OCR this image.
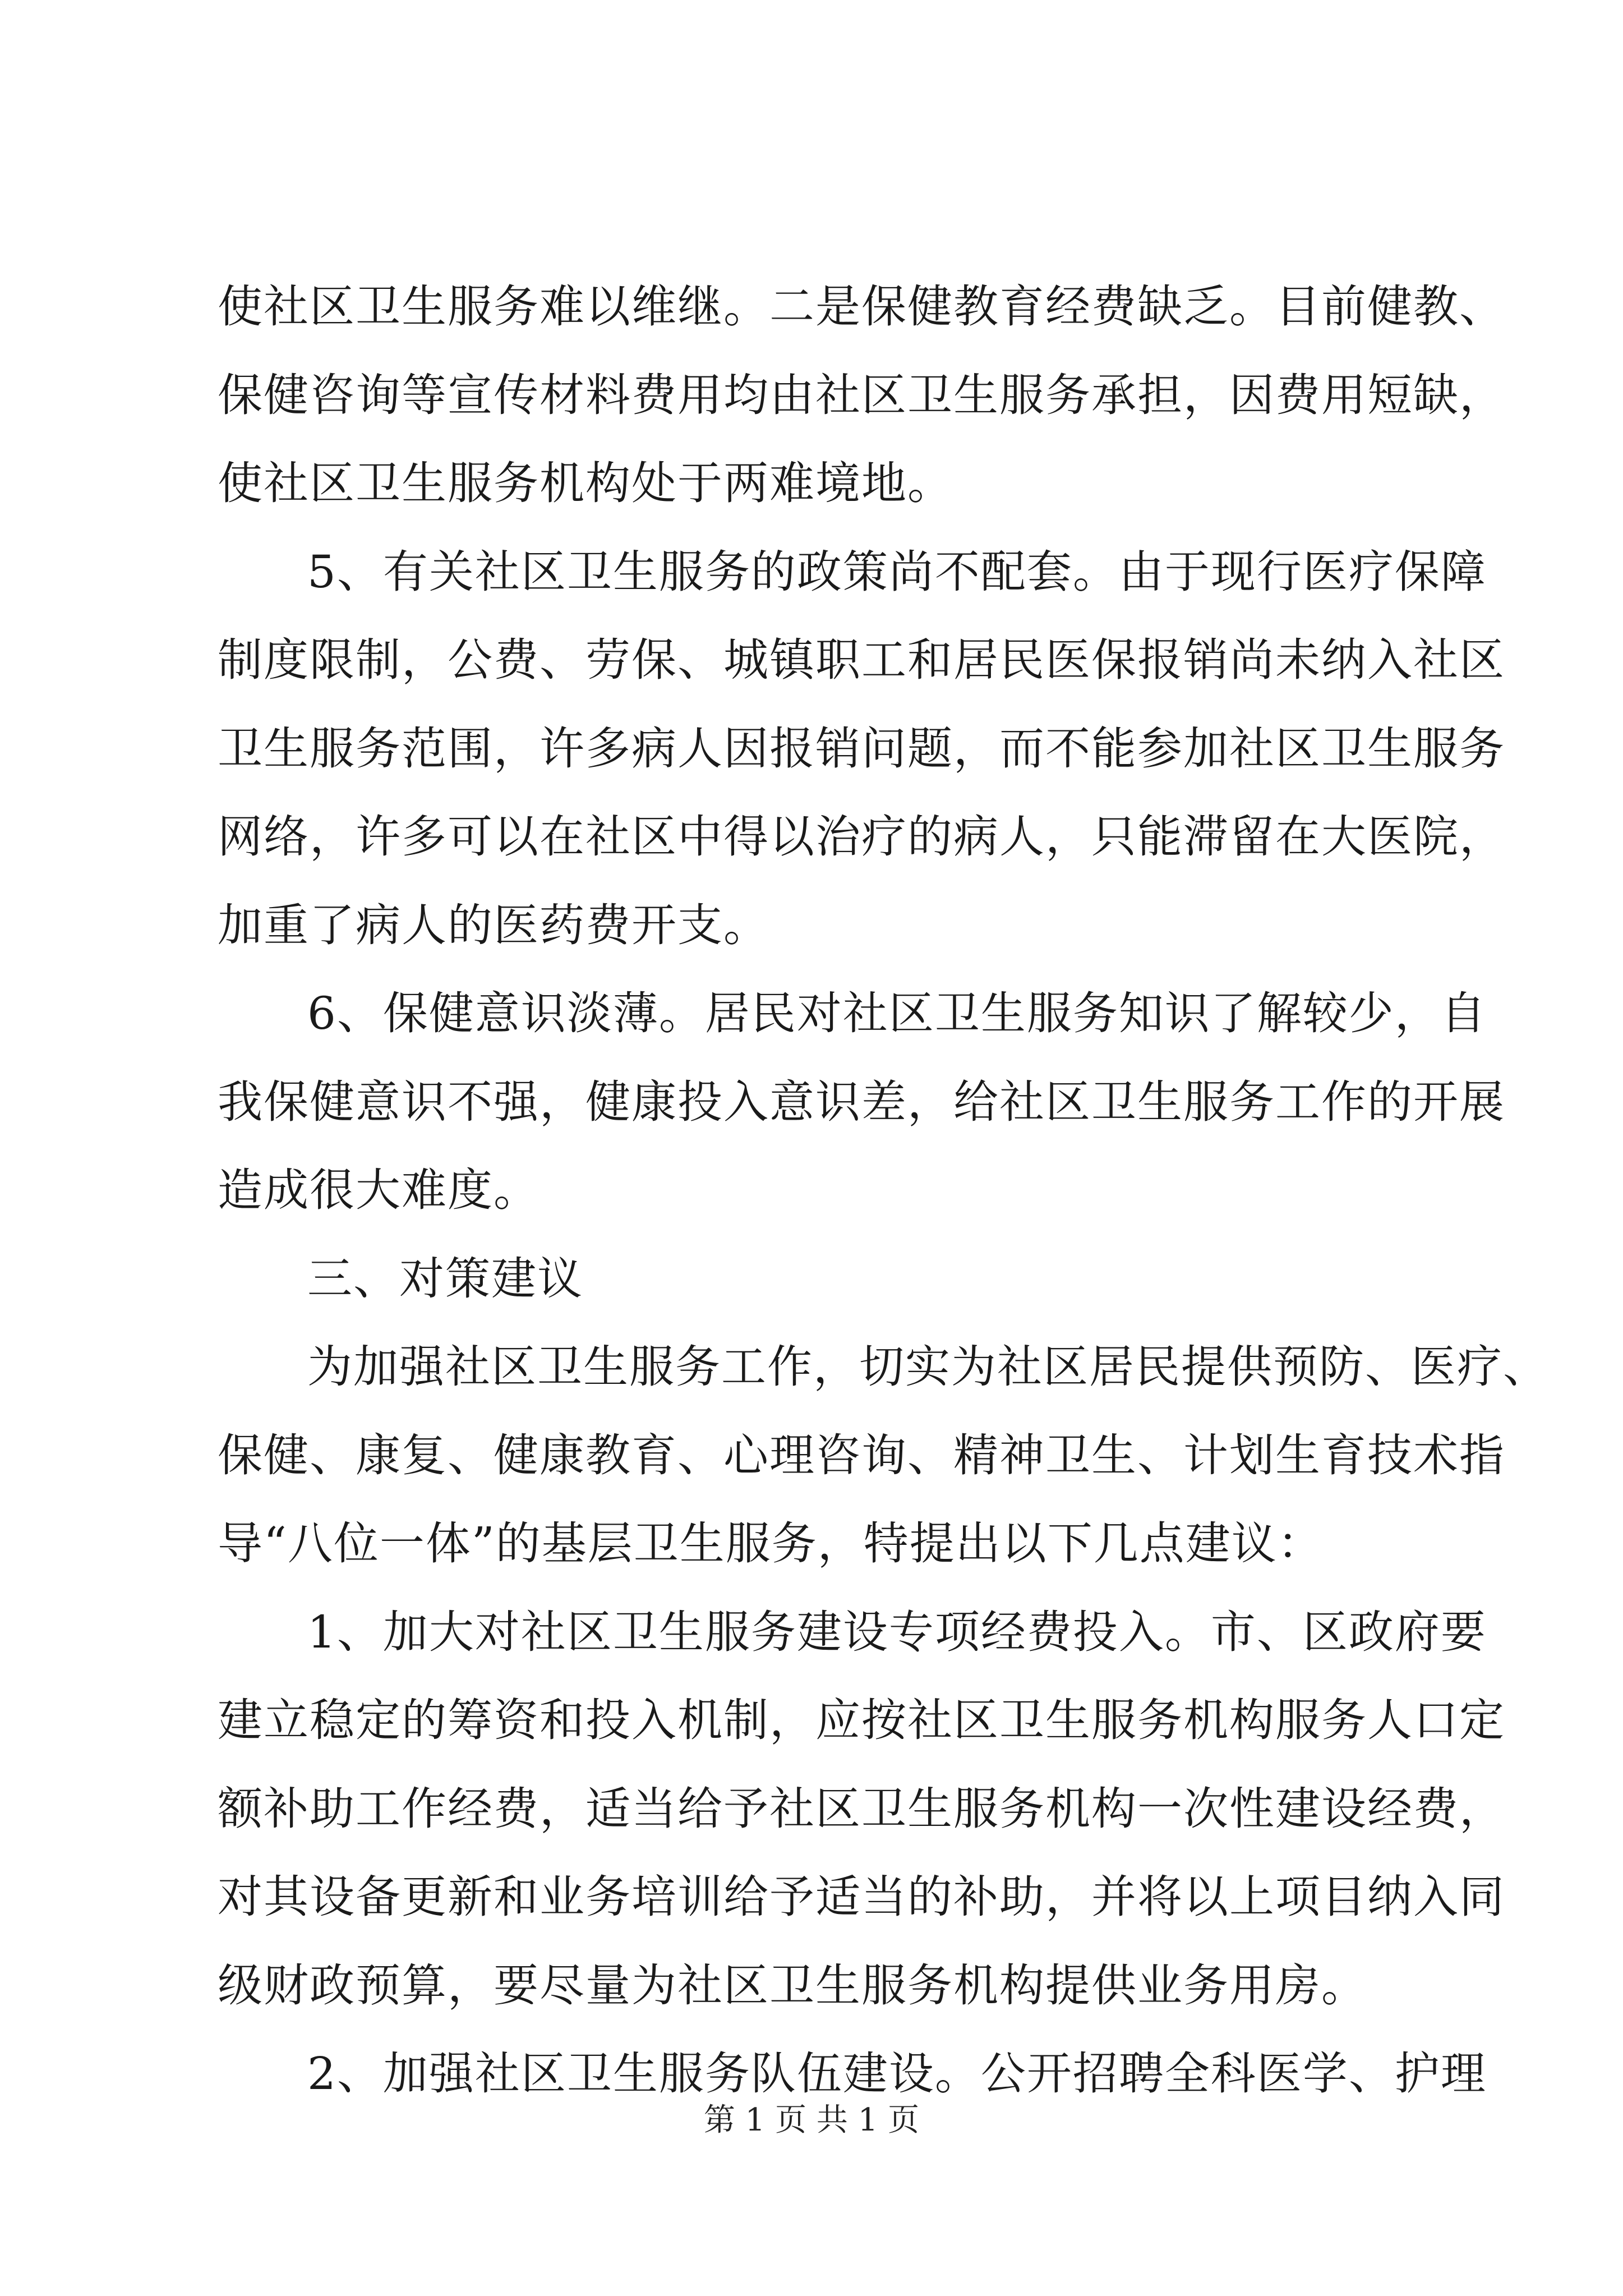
使社区卫生服务难以维继。二是保健教育经费缺乏。目前健教、
保健咨询等宣传材料费用均由社区卫生服务承担，因费用短缺，
使社区卫生服务机构处于两难境地。
5、有关社区卫生服务的政策尚不配套。由于现行医疗保障
制度限制，公费、劳保、城镇职工和居民医保报销尚未纳入社区
卫生服务范围，许多病人因报销问题，而不能参加社区卫生服务
网络，许多可以在社区中得以治疗的病人，只能滞留在大医院，
加重了病人的医药费开支。
6、保健意识淡薄。居民对社区卫生服务知识了解较少，自
我保健意识不强，健康投入意识差，给社区卫生服务工作的开展
造成很大难度。
三、对策建议
为加强社区卫生服务工作，切实为社区居民提供预防、医疗、
保健、康复、健康教育、心理咨询、精神卫生、计划生育技术指
导“八位一体”的基层卫生服务，特提出以下几点建议：
1、加大对社区卫生服务建设专项经费投入。市、区政府要
建立稳定的筹资和投入机制，应按社区卫生服务机构服务人口定
额补助工作经费，适当给予社区卫生服务机构一次性建设经费，
对其设备更新和业务培训给予适当的补助，并将以上项目纳入同
级财政预算，要尽量为社区卫生服务机构提供业务用房。
2、加强社区卫生服务队伍建设。公开招聘全科医学、护理
第 1 页 共 1 页
